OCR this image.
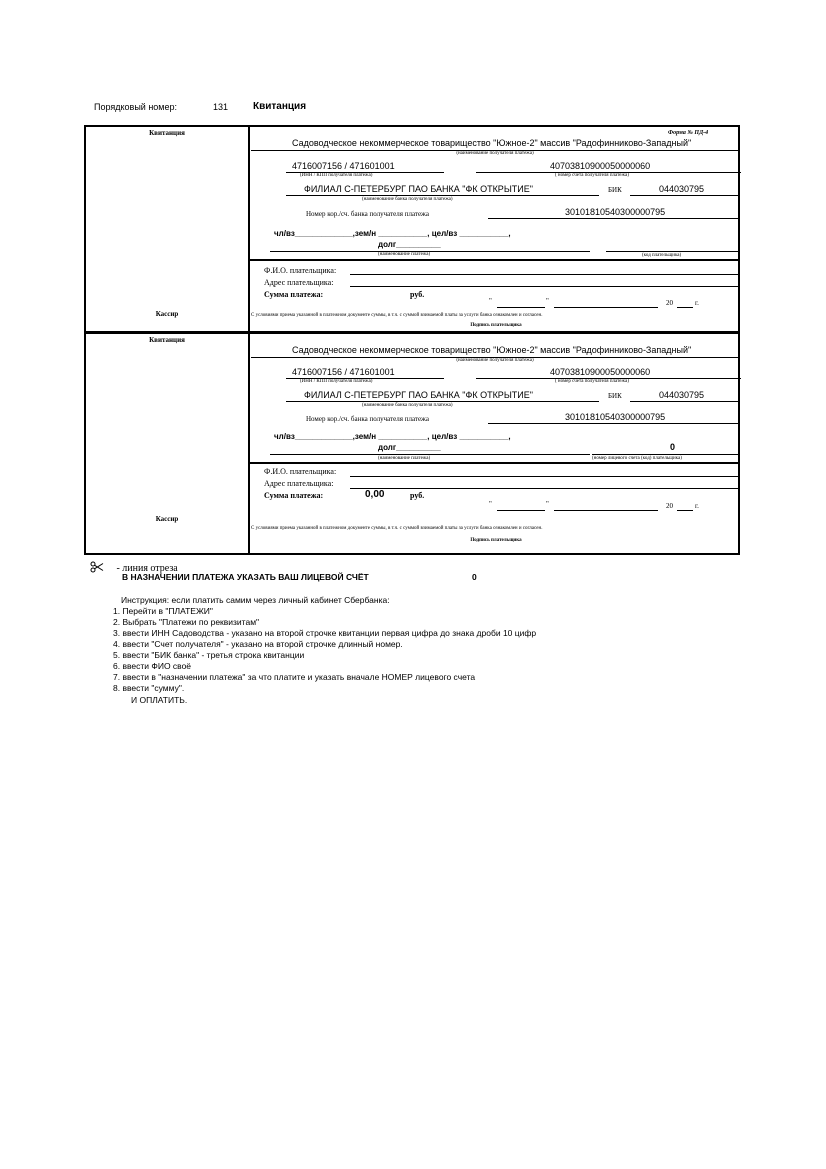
Порядковый номер:	131 Квитанция
Квитанция
Кассир
Форма № ПД-4
Садоводческое некоммерческое товарищество "Южное-2" массив "Радофинниково-Западный"
(наименование получателя платежа)
4716007156 / 471601001	40703810900050000060
(ИНН / КПП получателя платежа)	( номер счета получателя платежа)
ФИЛИАЛ С-ПЕТЕРБУРГ ПАО БАНКА "ФК ОТКРЫТИЕ"	БИК	044030795
(наименование банка получателя платежа)
Номер кор./сч. банка получателя платежа	30101810540300000795
чл/вз_____________,зем/н ___________, цел/вз ___________,
долг__________
(наименование платежа)	(код плательщика)
Ф.И.О. плательщика:
Адрес плательщика:
Сумма платежа:	руб.
"	"	20	г.
С условиями приема указанной в платежном документе суммы, в т.ч. с суммой взимаемой платы за услуги банка ознакомлен и согласен.
Подпись плательщика
Квитанция
Кассир
Садоводческое некоммерческое товарищество "Южное-2" массив "Радофинниково-Западный"
(наименование получателя платежа)
4716007156 / 471601001	40703810900050000060
(ИНН / КПП получателя платежа)	( номер счета получателя платежа)
ФИЛИАЛ С-ПЕТЕРБУРГ ПАО БАНКА "ФК ОТКРЫТИЕ"	БИК	044030795
(наименование банка получателя платежа)
Номер кор./сч. банка получателя платежа	30101810540300000795
чл/вз_____________,зем/н ___________, цел/вз ___________,
долг__________	0
(наименование платежа)	(номер лицевого счета (код) плательщика)
Ф.И.О. плательщика:
Адрес плательщика:
Сумма платежа:	0,00	руб.
"	"	20	г.
С условиями приема указанной в платежном документе суммы, в т.ч. с суммой взимаемой платы за услуги банка ознакомлен и согласен.
Подпись плательщика
- линия отреза
В НАЗНАЧЕНИИ ПЛАТЕЖА УКАЗАТЬ ВАШ ЛИЦЕВОЙ СЧЁТ	0
Инструкция: если платить самим через личный кабинет Сбербанка:
1. Перейти в "ПЛАТЕЖИ"
2. Выбрать "Платежи по реквизитам"
3. ввести ИНН Садоводства - указано на второй строчке квитанции первая цифра до знака дроби 10 цифр
4. ввести "Счет получателя" - указано на второй строчке длинный номер.
5. ввести "БИК банка" - третья строка квитанции
6. ввести ФИО своё
7. ввести в "назначении платежа" за что платите и указать вначале НОМЕР лицевого счета
8. ввести "сумму".
И ОПЛАТИТЬ.
